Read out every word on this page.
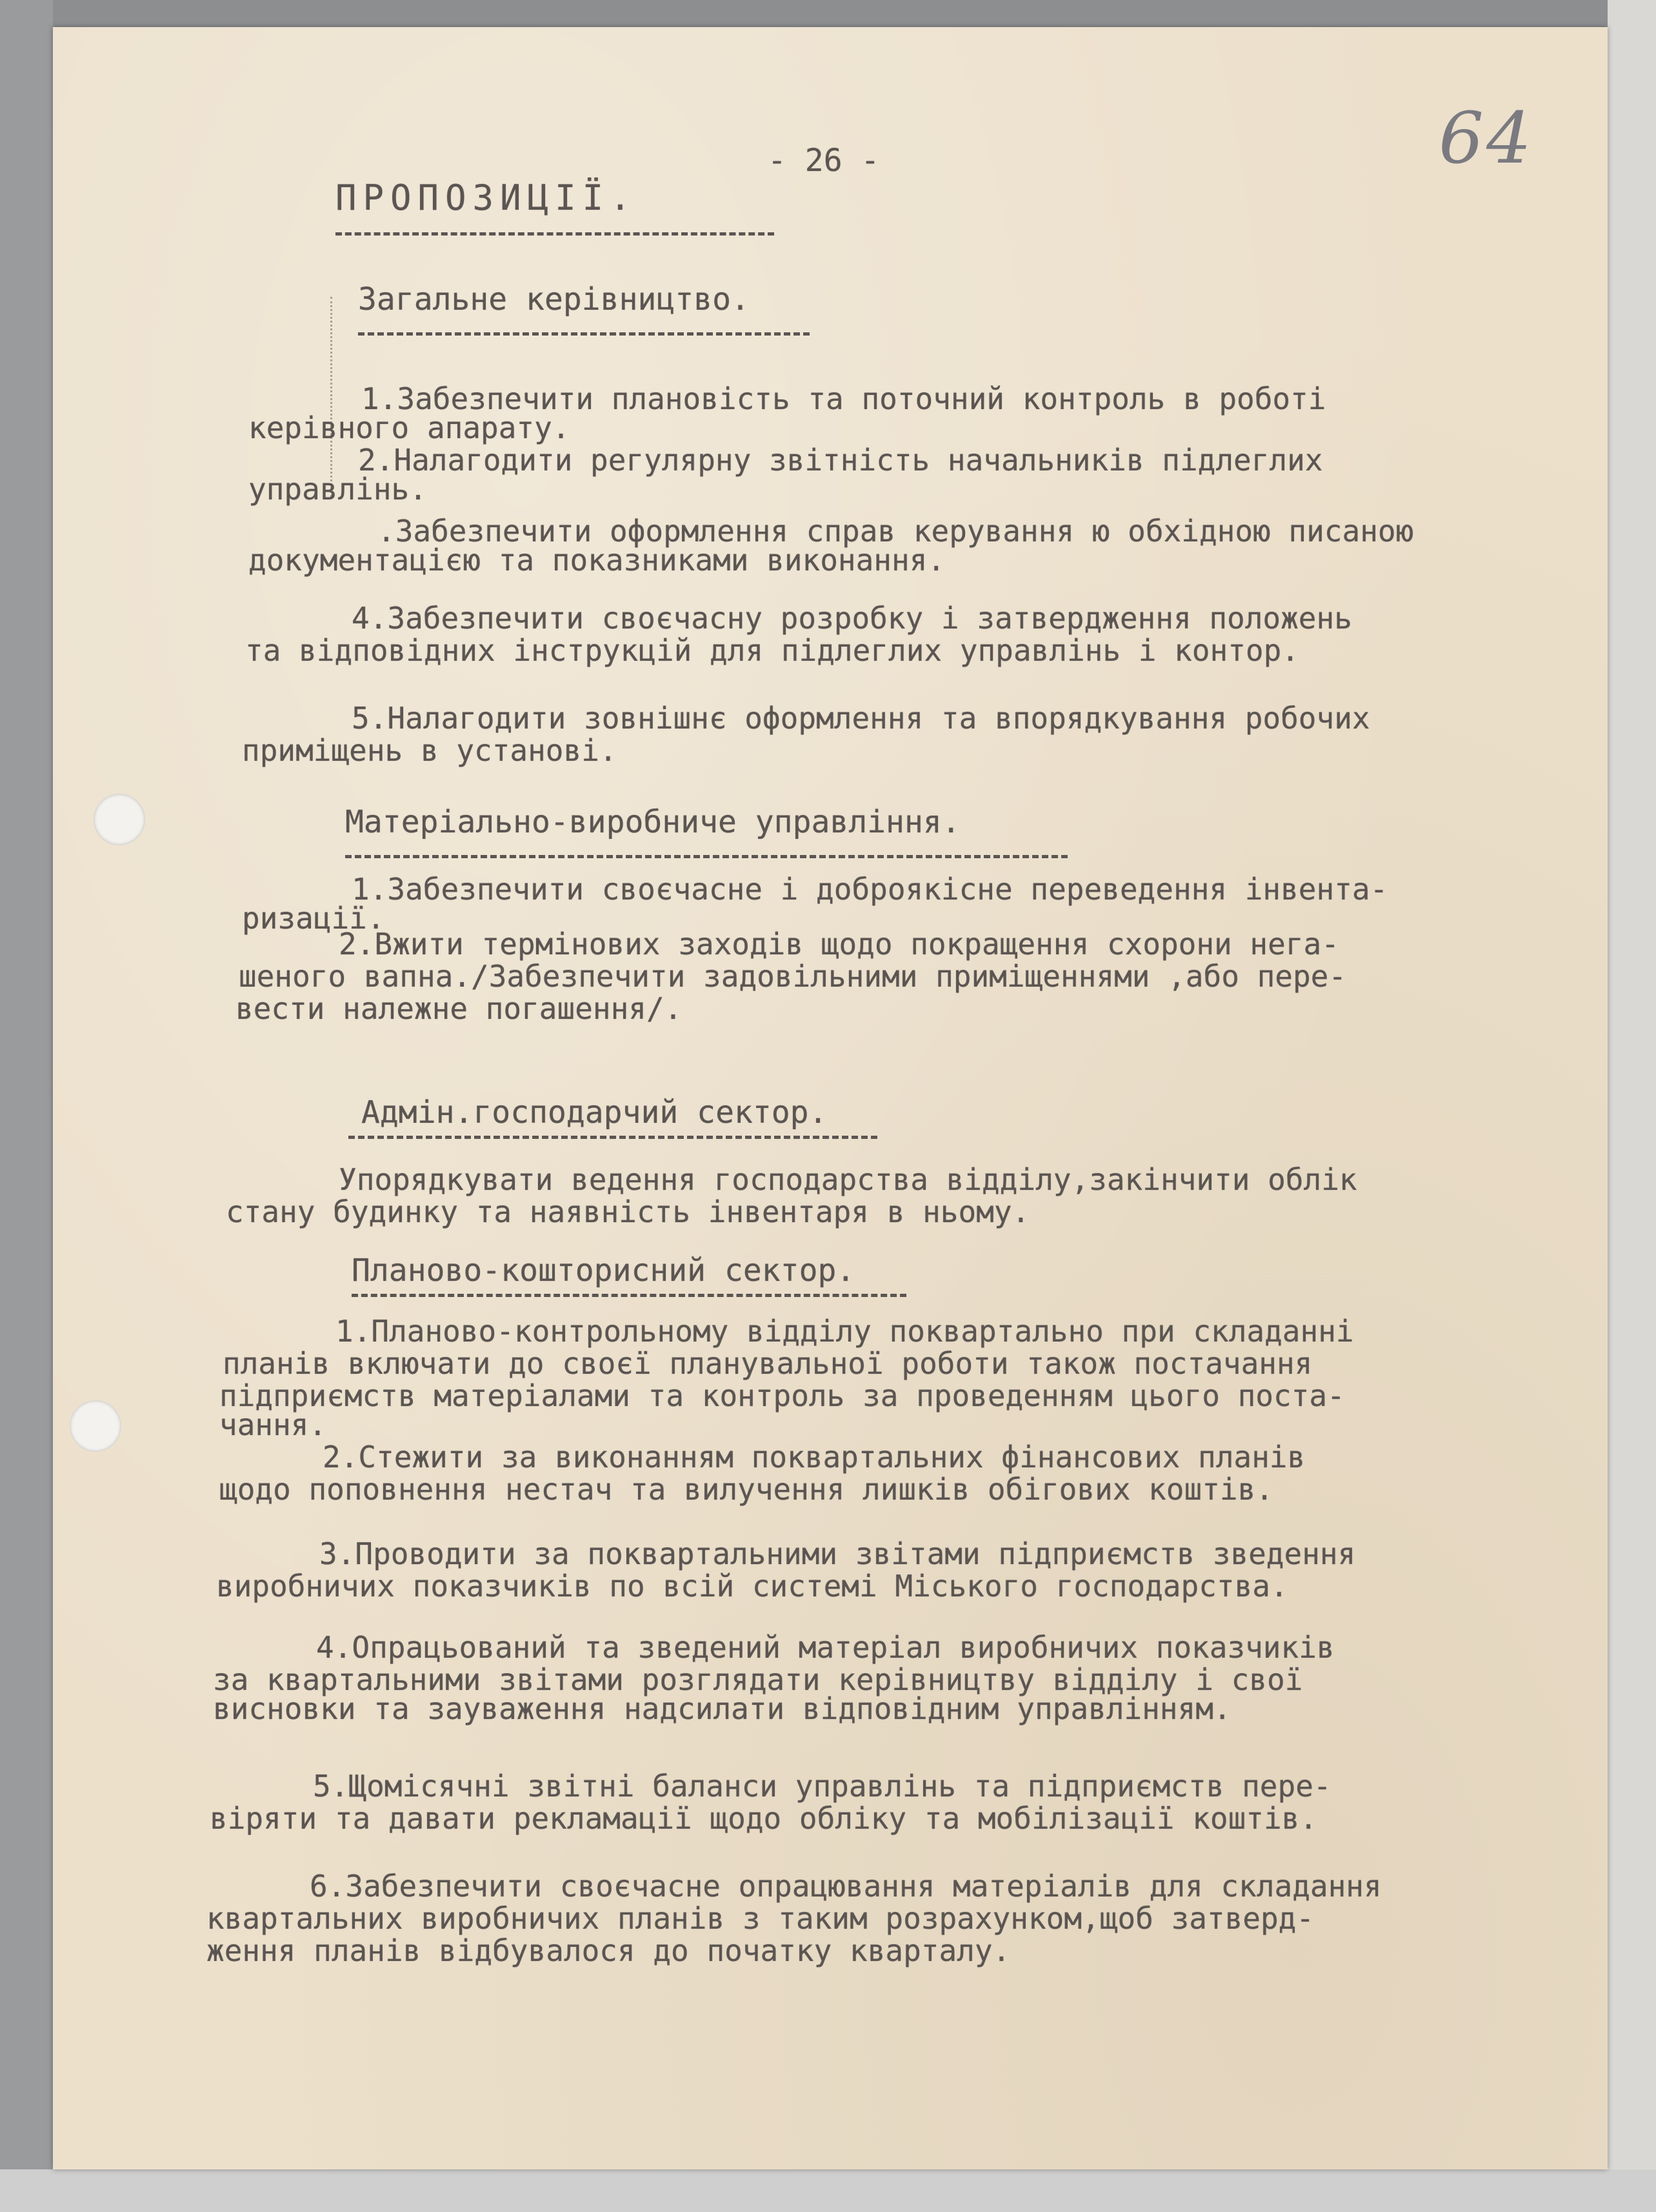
64
- 26 -
ПРОПОЗИЦІЇ.
Загальне керівництво.
1.Забезпечити плановість та поточний контроль в роботі
керівного апарату.
2.Налагодити регулярну звітність начальників підлеглих
управлінь.
.Забезпечити оформлення справ керування ю обхідною писаною
документацією та показниками виконання.
4.Забезпечити своєчасну розробку і затвердження положень
та відповідних інструкцій для підлеглих управлінь і контор.
5.Налагодити зовнішнє оформлення та впорядкування робочих
приміщень в установі.
Матеріально-виробниче управління.
1.Забезпечити своєчасне і доброякісне переведення інвента-
ризації.
2.Вжити термінових заходів щодо покращення схорони нега-
шеного вапна./Забезпечити задовільними приміщеннями ,або пере-
вести належне погашення/.
Адмін.господарчий сектор.
Упорядкувати ведення господарства відділу,закінчити облік
стану будинку та наявність інвентаря в ньому.
Планово-кошторисний сектор.
1.Планово-контрольному відділу поквартально при складанні
планів включати до своєї планувальної роботи також постачання
підприємств матеріалами та контроль за проведенням цього поста-
чання.
2.Стежити за виконанням поквартальних фінансових планів
щодо поповнення нестач та вилучення лишків обігових коштів.
3.Проводити за поквартальними звітами підприємств зведення
виробничих показчиків по всій системі Міського господарства.
4.Опрацьований та зведений матеріал виробничих показчиків
за квартальними звітами розглядати керівництву відділу і свої
висновки та зауваження надсилати відповідним управлінням.
5.Щомісячні звітні баланси управлінь та підприємств пере-
віряти та давати рекламації щодо обліку та мобілізації коштів.
6.Забезпечити своєчасне опрацювання матеріалів для складання
квартальних виробничих планів з таким розрахунком,щоб затверд-
ження планів відбувалося до початку кварталу.
